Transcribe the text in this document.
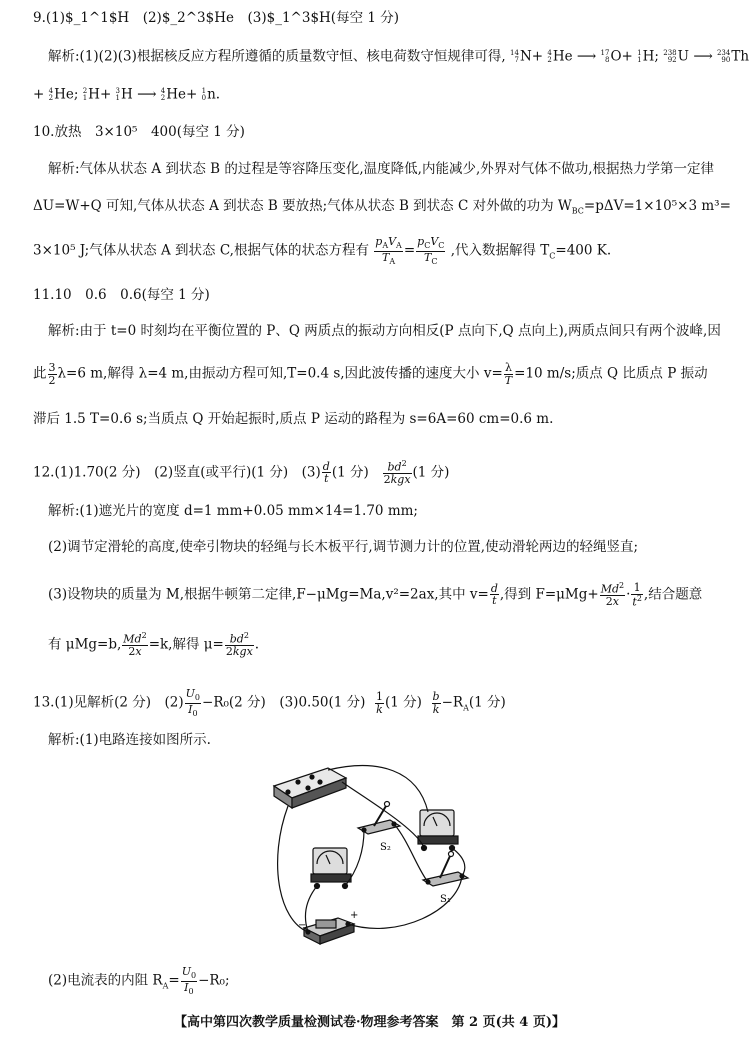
9.(1)$_1^1$H　(2)$_2^3$He　(3)$_1^3$H(每空 1 分)
解析:(1)(2)(3)根据核反应方程所遵循的质量数守恒、核电荷数守恒规律可得, 14
7 N+ 4
2 He ⟶ 17
8 O+ 1
1 H; 238
92 U ⟶ 234
90 Th
+ 4
2 He; 2
1 H+ 3
1 H ⟶ 4
2 He+ 1
0 n.
10.放热　3×10⁵　400(每空 1 分)
解析:气体从状态 A 到状态 B 的过程是等容降压变化,温度降低,内能减少,外界对气体不做功,根据热力学第一定律
ΔU=W+Q 可知,气体从状态 A 到状态 B 要放热;气体从状态 B 到状态 C 对外做的功为 $W_{BC}=p\Delta V=1\times 10^5\times 3$ m³=
3×10⁵ J;气体从状态 A 到状态 C,根据气体的状态方程有 $\frac{p_AV_A}{T_A} = \frac{p_CV_C}{T_C}$ ,代入数据解得 $T_C=400$ K.
11.10　0.6　0.6(每空 1 分)
解析:由于 t=0 时刻均在平衡位置的 P、Q 两质点的振动方向相反(P 点向下,Q 点向上),两质点间只有两个波峰,因
此 $\frac{3}{2} \lambda=6$ m,解得 λ=4 m,由振动方程可知,T=0.4 s,因此波传播的速度大小 $v= \frac{\lambda}{T} =10$ m/s;质点 Q 比质点 P 振动
滞后 1.5 T=0.6 s;当质点 Q 开始起振时,质点 P 运动的路程为 s=6A=60 cm=0.6 m.
12.(1)1.70(2 分)　(2)竖直(或平行)(1 分)　$(3) \frac{d}{t} (1$ 分) $\frac{bd^2}{\text{2kgx}} (1$ 分)
解析:(1)遮光片的宽度 d=1 mm+0.05 mm×14=1.70 mm;
(2)调节定滑轮的高度,使牵引物块的轻绳与长木板平行,调节测力计的位置,使动滑轮两边的轻绳竖直;
(3)设物块的质量为 M,根据牛顿第二定律,F−μMg=Ma,v²=2ax,其中 $v= \frac{d}{t}$ ,得到 $F=\mu Mg+ \frac{Md^2}{2x} \cdot \frac{1}{t^2}$ ,结合题意
有 μMg=b, $\frac{Md^2}{2x} =k$,解得 $\mu= \frac{bd^2}{\text{2kgx}}$ .
13.(1)见解析(2 分)　$(2) \frac{U_0}{I_0} -R_0(2$ 分)　(3)0.50(1 分) $\frac{1}{k} (1$ 分) $\frac{b}{k} -R_A(1$ 分)
解析:(1)电路连接如图所示.
S₂
S₁
+
−
(2)电流表的内阻 $R_A= \frac{U_0}{I_0} -R_0$;
【高中第四次教学质量检测试卷·物理参考答案　第 2 页(共 4 页)】
